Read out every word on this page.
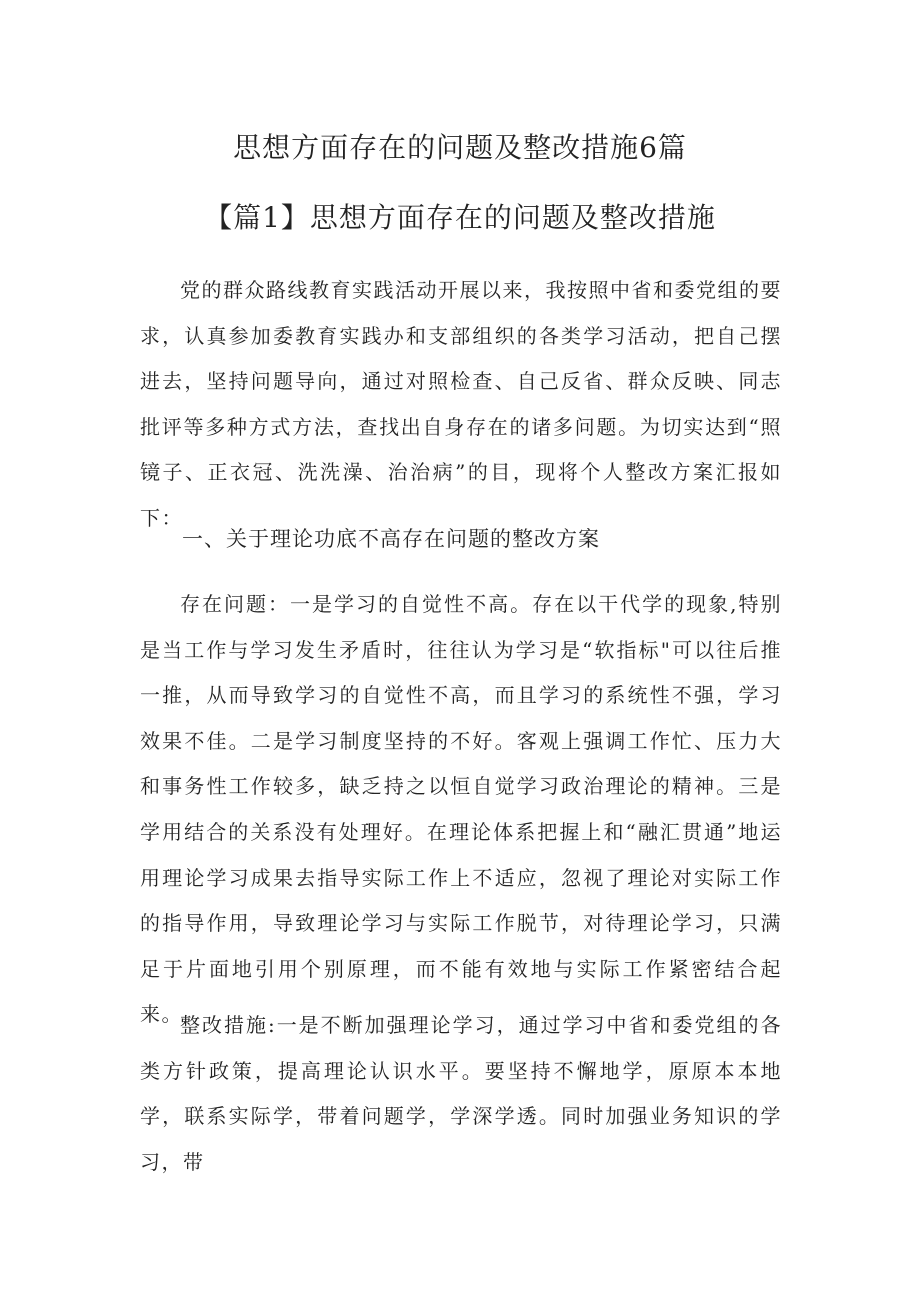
思想方面存在的问题及整改措施6篇
【篇1】思想方面存在的问题及整改措施

党的群众路线教育实践活动开展以来，我按照中省和委党组的要求，认真参加委教育实践办和支部组织的各类学习活动，把自己摆进去，坚持问题导向，通过对照检查、自己反省、群众反映、同志批评等多种方式方法，查找出自身存在的诸多问题。为切实达到“照镜子、正衣冠、洗洗澡、治治病”的目，现将个人整改方案汇报如下：

一、关于理论功底不高存在问题的整改方案

存在问题：一是学习的自觉性不高。存在以干代学的现象,特别是当工作与学习发生矛盾时，往往认为学习是“软指标"可以往后推一推，从而导致学习的自觉性不高，而且学习的系统性不强，学习效果不佳。二是学习制度坚持的不好。客观上强调工作忙、压力大和事务性工作较多，缺乏持之以恒自觉学习政治理论的精神。三是学用结合的关系没有处理好。在理论体系把握上和“融汇贯通”地运用理论学习成果去指导实际工作上不适应，忽视了理论对实际工作的指导作用，导致理论学习与实际工作脱节，对待理论学习，只满足于片面地引用个别原理，而不能有效地与实际工作紧密结合起来。

整改措施:一是不断加强理论学习，通过学习中省和委党组的各类方针政策，提高理论认识水平。要坚持不懈地学，原原本本地学，联系实际学，带着问题学，学深学透。同时加强业务知识的学习，带
